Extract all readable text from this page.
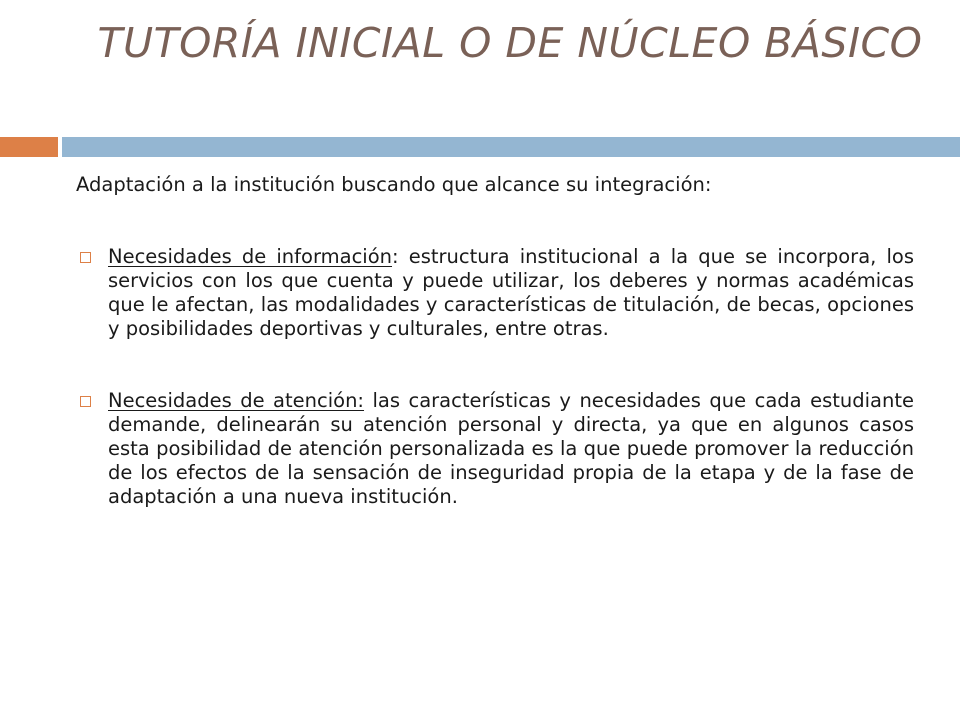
TUTORÍA INICIAL O DE NÚCLEO BÁSICO

Adaptación a la institución buscando que alcance su integración:

Necesidades de información: estructura institucional a la que se incorpora, los servicios con los que cuenta y puede utilizar, los deberes y normas académicas que le afectan, las modalidades y características de titulación, de becas, opciones y posibilidades deportivas y culturales, entre otras.

Necesidades de atención: las características y necesidades que cada estudiante demande, delinearán su atención personal y directa, ya que en algunos casos esta posibilidad de atención personalizada es la que puede promover la reducción de los efectos de la sensación de inseguridad propia de la etapa y de la fase de adaptación a una nueva institución.
